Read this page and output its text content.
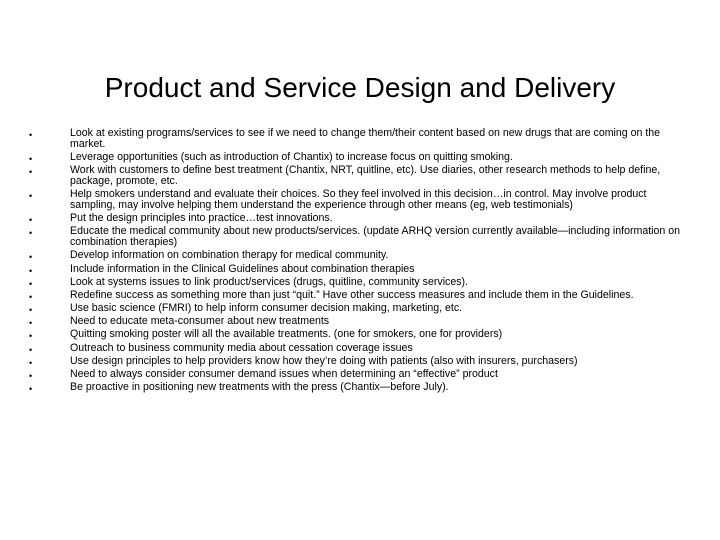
Product and Service Design and Delivery
•	Look at existing programs/services to see if we need to change them/their content based on new drugs that are coming on the market.
•	Leverage opportunities (such as introduction of Chantix) to increase focus on quitting smoking.
•	Work with customers to define best treatment (Chantix, NRT, quitline, etc). Use diaries, other research methods to help define, package, promote, etc.
•	Help smokers understand and evaluate their choices. So they feel involved in this decision…in control. May involve product sampling, may involve helping them understand the experience through other means (eg, web testimonials)
•	Put the design principles into practice…test innovations.
•	Educate the medical community about new products/services. (update ARHQ version currently available—including information on combination therapies)
•	Develop information on combination therapy for medical community.
•	Include information in the Clinical Guidelines about combination therapies
•	Look at systems issues to link product/services (drugs, quitline, community services).
•	Redefine success as something more than just “quit.” Have other success measures and include them in the Guidelines.
•	Use basic science (FMRI) to help inform consumer decision making, marketing, etc.
•	Need to educate meta-consumer about new treatments
•	Quitting smoking poster will all the available treatments. (one for smokers, one for providers)
•	Outreach to business community media about cessation coverage issues
•	Use design principles to help providers know how they’re doing with patients (also with insurers, purchasers)
•	Need to always consider consumer demand issues when determining an “effective” product
•	Be proactive in positioning new treatments with the press (Chantix—before July).
